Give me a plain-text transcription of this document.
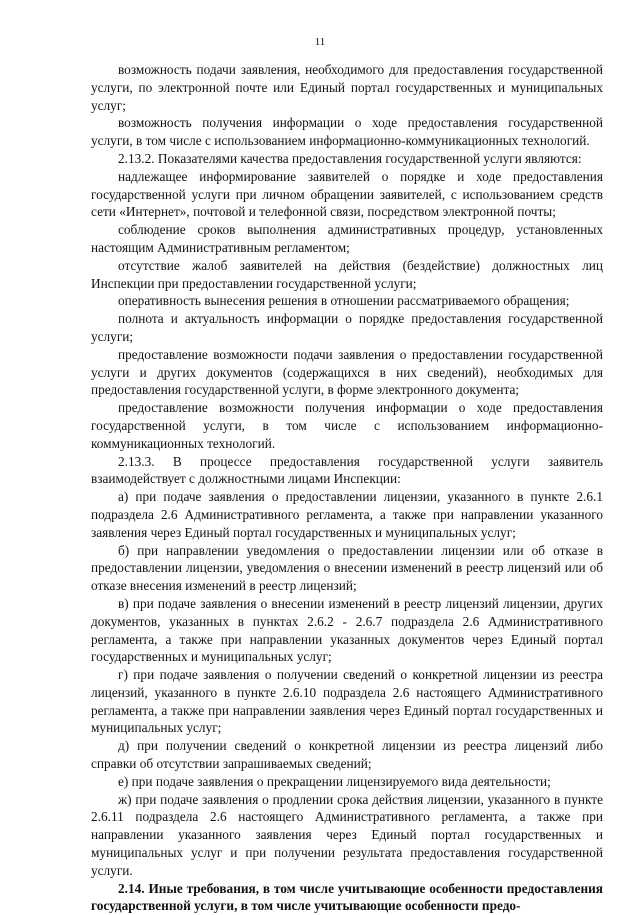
11

возможность подачи заявления, необходимого для предоставления государственной услуги, по электронной почте или Единый портал государственных и муниципальных услуг;

возможность получения информации о ходе предоставления государственной услуги, в том числе с использованием информационно-коммуникационных технологий.

2.13.2. Показателями качества предоставления государственной услуги являются:

надлежащее информирование заявителей о порядке и ходе предоставления государственной услуги при личном обращении заявителей, с использованием средств сети «Интернет», почтовой и телефонной связи, посредством электронной почты;

соблюдение сроков выполнения административных процедур, установленных настоящим Административным регламентом;

отсутствие жалоб заявителей на действия (бездействие) должностных лиц Инспекции при предоставлении государственной услуги;

оперативность вынесения решения в отношении рассматриваемого обращения;

полнота и актуальность информации о порядке предоставления государственной услуги;

предоставление возможности подачи заявления о предоставлении государственной услуги и других документов (содержащихся в них сведений), необходимых для предоставления государственной услуги, в форме электронного документа;

предоставление возможности получения информации о ходе предоставления государственной услуги, в том числе с использованием информационно-коммуникационных технологий.

2.13.3. В процессе предоставления государственной услуги заявитель взаимодействует с должностными лицами Инспекции:

а) при подаче заявления о предоставлении лицензии, указанного в пункте 2.6.1 подраздела 2.6 Административного регламента, а также при направлении указанного заявления через Единый портал государственных и муниципальных услуг;

б) при направлении уведомления о предоставлении лицензии или об отказе в предоставлении лицензии, уведомления о внесении изменений в реестр лицензий или об отказе внесения изменений в реестр лицензий;

в) при подаче заявления о внесении изменений в реестр лицензий лицензии, других документов, указанных в пунктах 2.6.2 - 2.6.7 подраздела 2.6 Административного регламента, а также при направлении указанных документов через Единый портал государственных и муниципальных услуг;

г) при подаче заявления о получении сведений о конкретной лицензии из реестра лицензий, указанного в пункте 2.6.10 подраздела 2.6 настоящего Административного регламента, а также при направлении заявления через Единый портал государственных и муниципальных услуг;

д) при получении сведений о конкретной лицензии из реестра лицензий либо справки об отсутствии запрашиваемых сведений;

е) при подаче заявления о прекращении лицензируемого вида деятельности;

ж) при подаче заявления о продлении срока действия лицензии, указанного в пункте 2.6.11 подраздела 2.6 настоящего Административного регламента, а также при направлении указанного заявления через Единый портал государственных и муниципальных услуг и при получении результата предоставления государственной услуги.

2.14. Иные требования, в том числе учитывающие особенности предоставления государственной услуги, в том числе учитывающие особенности предо-
